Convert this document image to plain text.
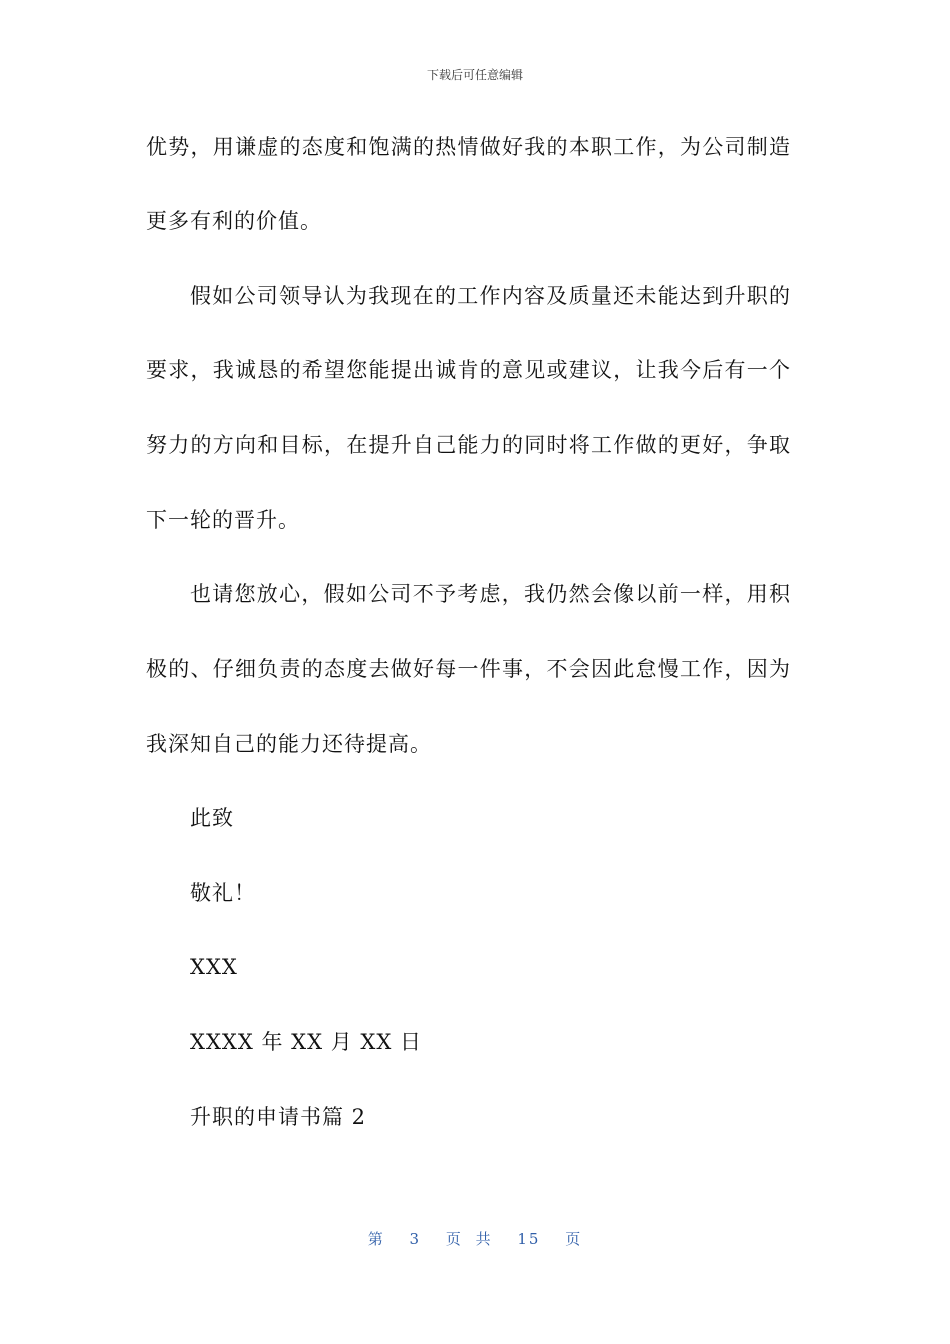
下载后可任意编辑
优势，用谦虚的态度和饱满的热情做好我的本职工作，为公司制造
更多有利的价值。
假如公司领导认为我现在的工作内容及质量还未能达到升职的
要求，我诚恳的希望您能提出诚肯的意见或建议，让我今后有一个
努力的方向和目标，在提升自己能力的同时将工作做的更好，争取
下一轮的晋升。
也请您放心，假如公司不予考虑，我仍然会像以前一样，用积
极的、仔细负责的态度去做好每一件事，不会因此怠慢工作，因为
我深知自己的能力还待提高。
此致
敬礼！
XXX
XXXX 年 XX 月 XX 日
升职的申请书篇 2
第 3 页 共 15 页
